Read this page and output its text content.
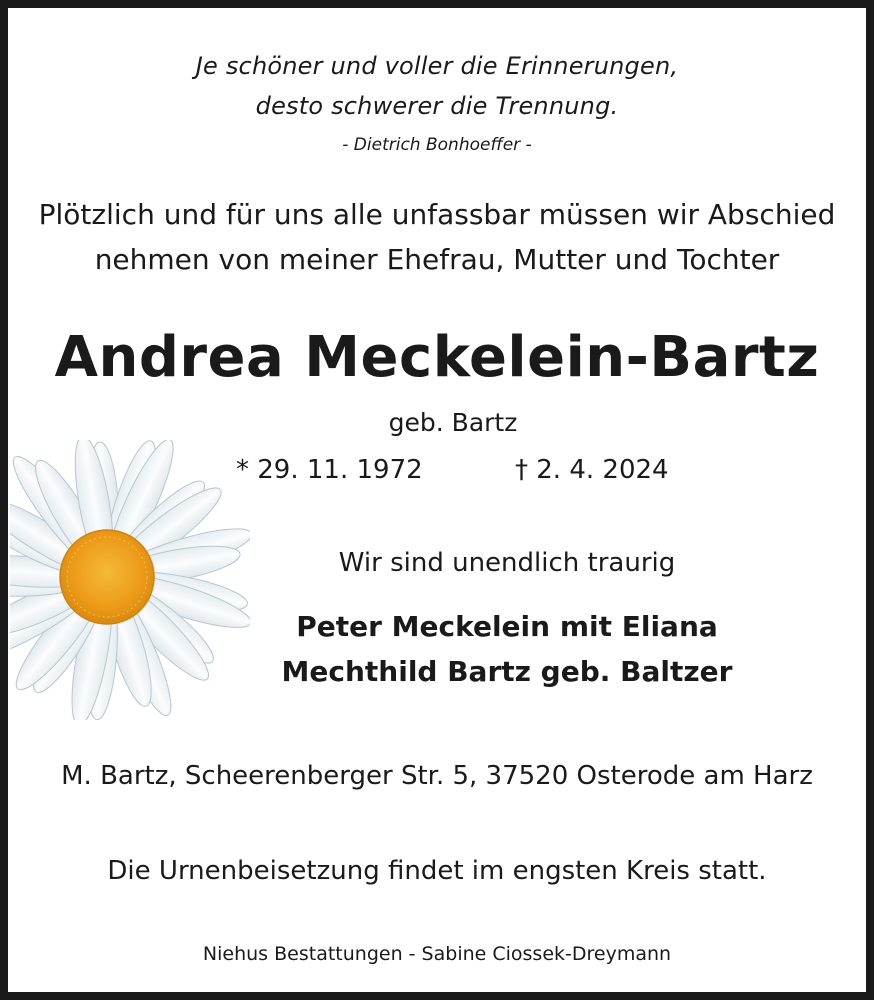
Je schöner und voller die Erinnerungen,
desto schwerer die Trennung.
- Dietrich Bonhoeffer -
Plötzlich und für uns alle unfassbar müssen wir Abschied
nehmen von meiner Ehefrau, Mutter und Tochter
Andrea Meckelein-Bartz
geb. Bartz
* 29. 11. 1972	† 2. 4. 2024
Wir sind unendlich traurig
Peter Meckelein mit Eliana
Mechthild Bartz geb. Baltzer
M. Bartz, Scheerenberger Str. 5, 37520 Osterode am Harz
Die Urnenbeisetzung findet im engsten Kreis statt.
Niehus Bestattungen - Sabine Ciossek-Dreymann
